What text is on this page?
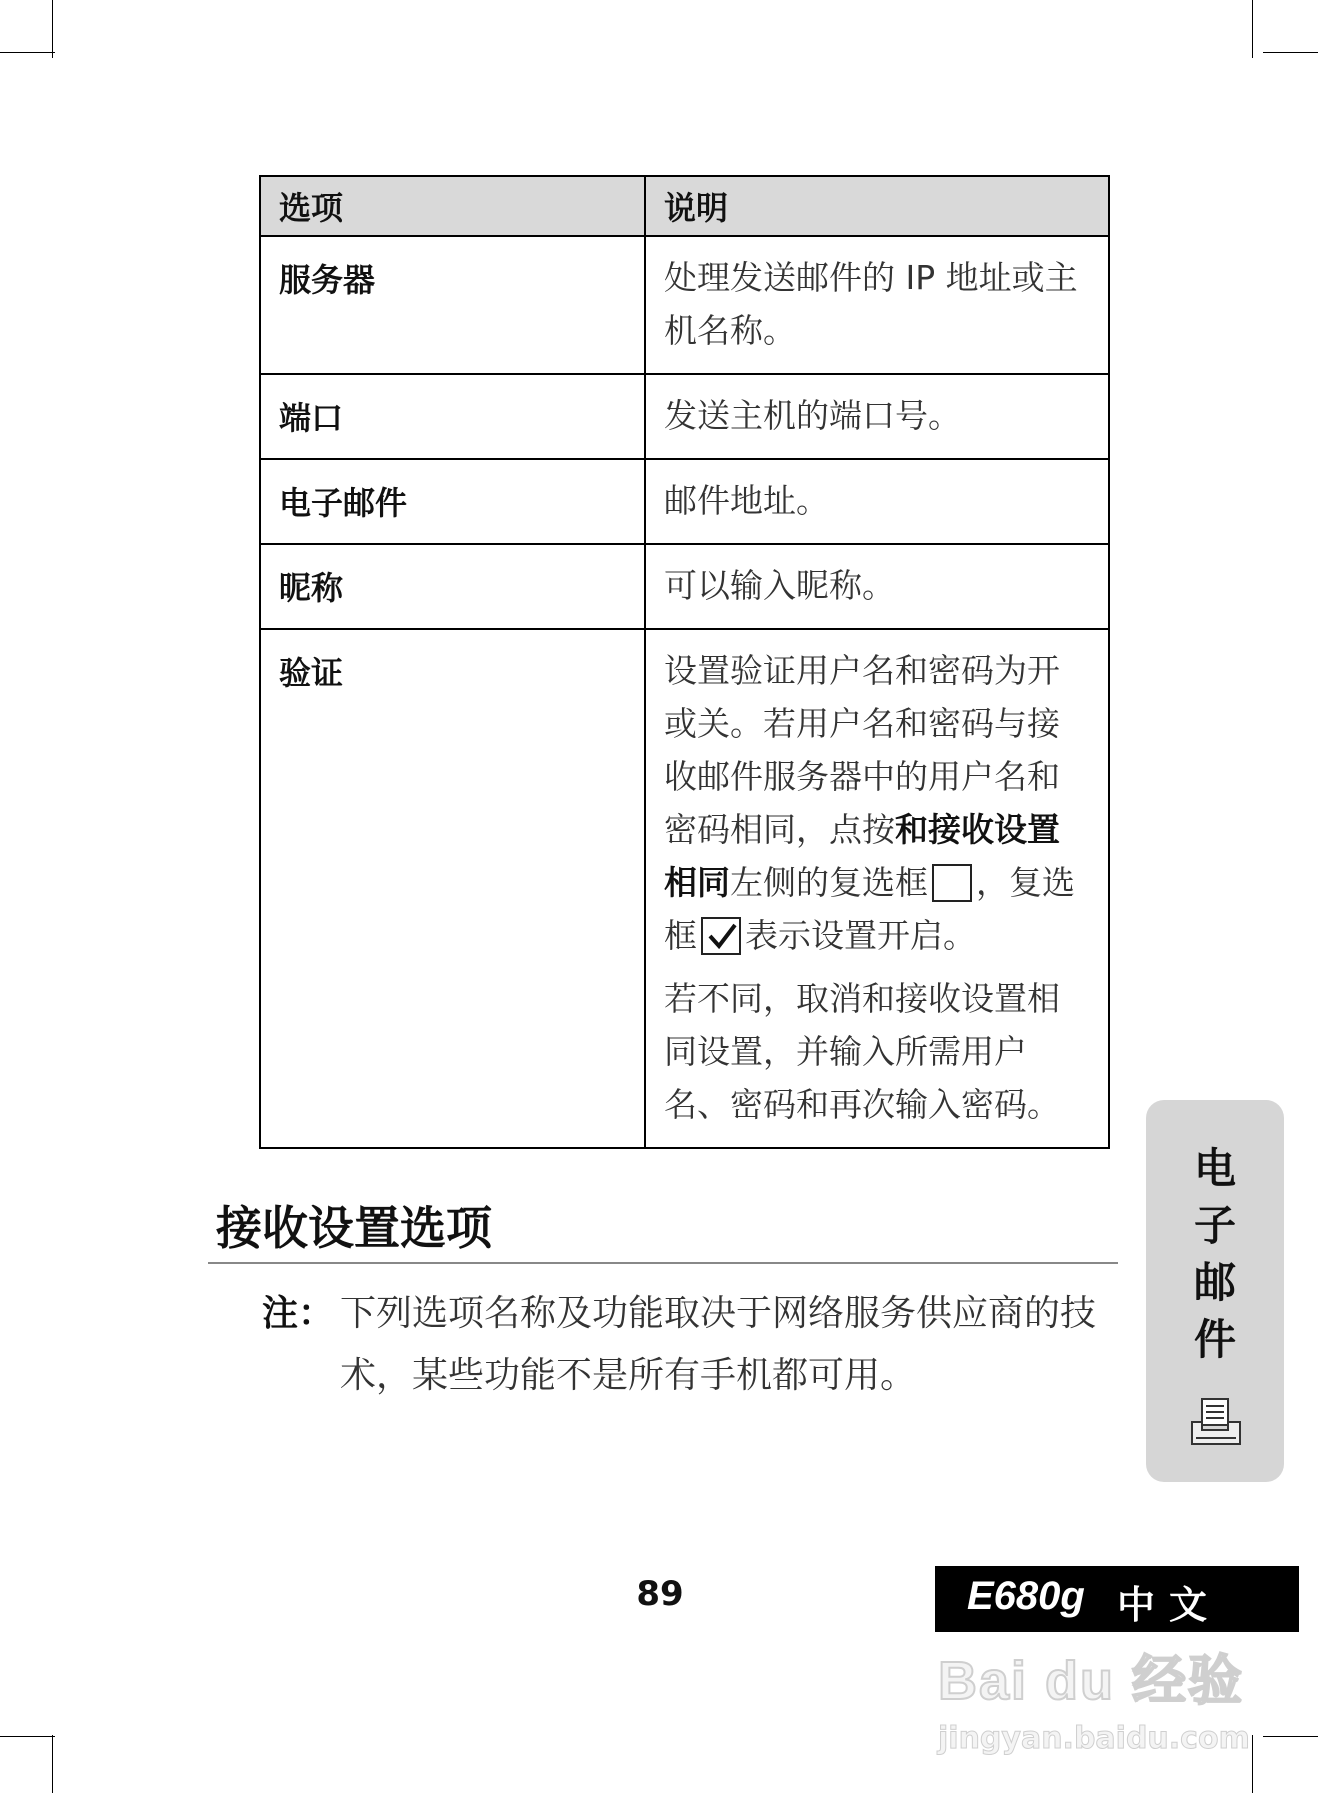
选项	说明
服务器	处理发送邮件的 IP 地址或主机名称。
端口	发送主机的端口号。
电子邮件	邮件地址。
昵称	可以输入昵称。
验证	设置验证用户名和密码为开或关。若用户名和密码与接收邮件服务器中的用户名和密码相同，点按和接收设置相同左侧的复选框 ，复选框 表示设置开启。

若不同，取消和接收设置相同设置，并输入所需用户名、密码和再次输入密码。

接收设置选项
注： 下列选项名称及功能取决于网络服务供应商的技术，某些功能不是所有手机都可用。
电
子
邮
件
89	E680g 中文
Bai du 经验
jingyan.baidu.com
